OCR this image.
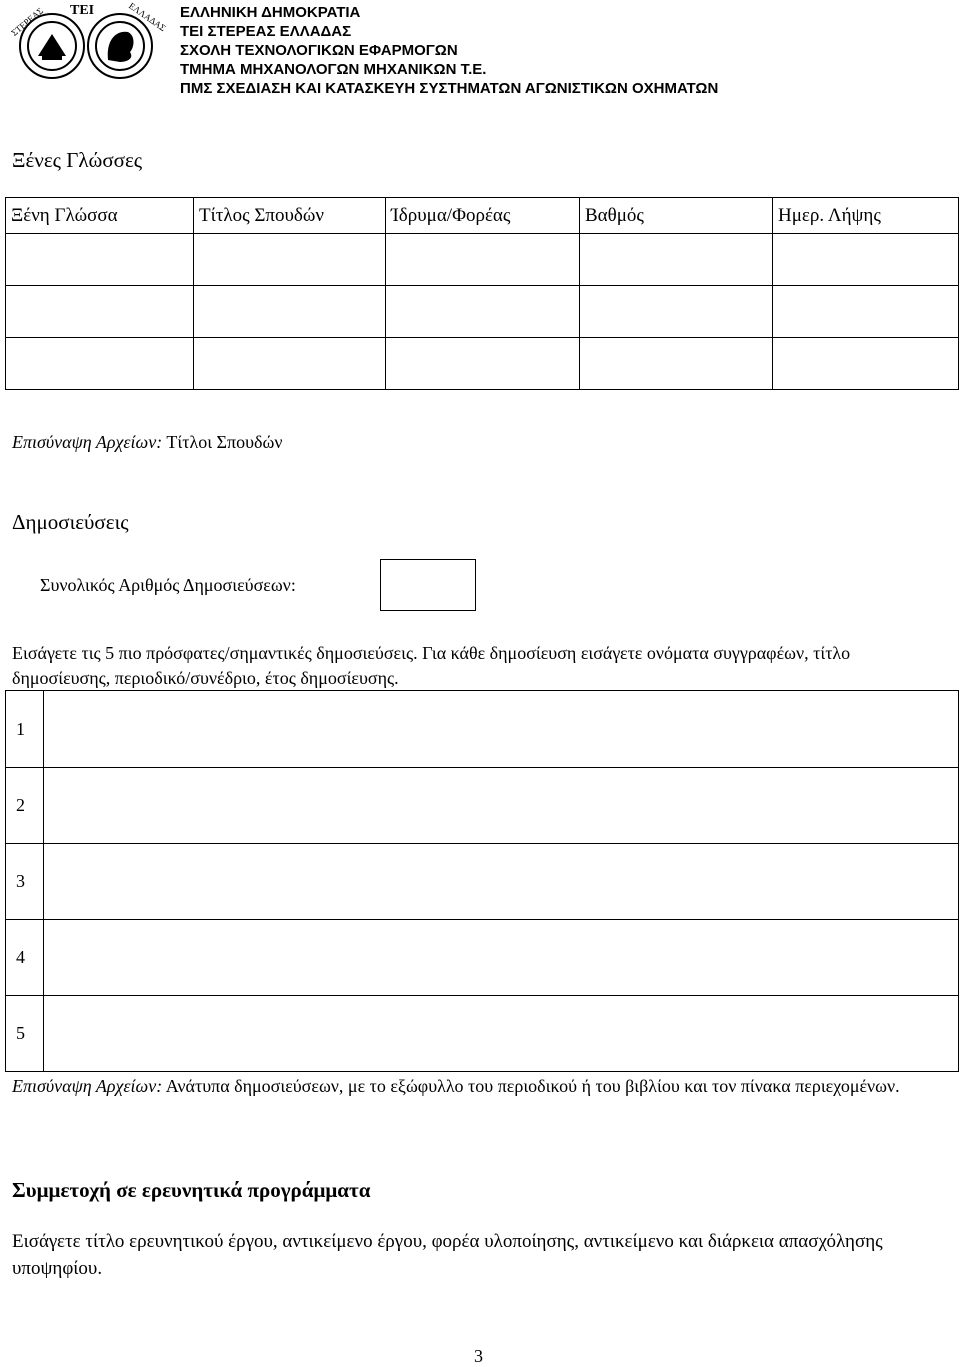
ΤΕΙ
ΣΤΕΡΕΑΣ	ΕΛΛΑΔΑΣ ΕΛΛΗΝΙΚΗ ΔΗΜΟΚΡΑΤΙΑ
ΤΕΙ ΣΤΕΡΕΑΣ ΕΛΛΑΔΑΣ
ΣΧΟΛΗ ΤΕΧΝΟΛΟΓΙΚΩΝ ΕΦΑΡΜΟΓΩΝ
ΤΜΗΜΑ ΜΗΧΑΝΟΛΟΓΩΝ ΜΗΧΑΝΙΚΩΝ Τ.Ε.
ΠΜΣ ΣΧΕΔΙΑΣΗ ΚΑΙ ΚΑΤΑΣΚΕΥΗ ΣΥΣΤΗΜΑΤΩΝ ΑΓΩΝΙΣΤΙΚΩΝ ΟΧΗΜΑΤΩΝ
Ξένες Γλώσσες
Ξένη Γλώσσα	Τίτλος Σπουδών	Ίδρυμα/Φορέας	Βαθμός	Ημερ. Λήψης

Επισύναψη Αρχείων: Τίτλοι Σπουδών
Δημοσιεύσεις
Συνολικός Αριθμός Δημοσιεύσεων:
Εισάγετε τις 5 πιο πρόσφατες/σημαντικές δημοσιεύσεις. Για κάθε δημοσίευση εισάγετε ονόματα συγγραφέων, τίτλο δημοσίευσης, περιοδικό/συνέδριο, έτος δημοσίευσης.
1	
2	
3	
4	
5	
Επισύναψη Αρχείων: Ανάτυπα δημοσιεύσεων, με το εξώφυλλο του περιοδικού ή του βιβλίου και τον πίνακα περιεχομένων.
Συμμετοχή σε ερευνητικά προγράμματα
Εισάγετε τίτλο ερευνητικού έργου, αντικείμενο έργου, φορέα υλοποίησης, αντικείμενο και διάρκεια απασχόλησης υποψηφίου.
3
